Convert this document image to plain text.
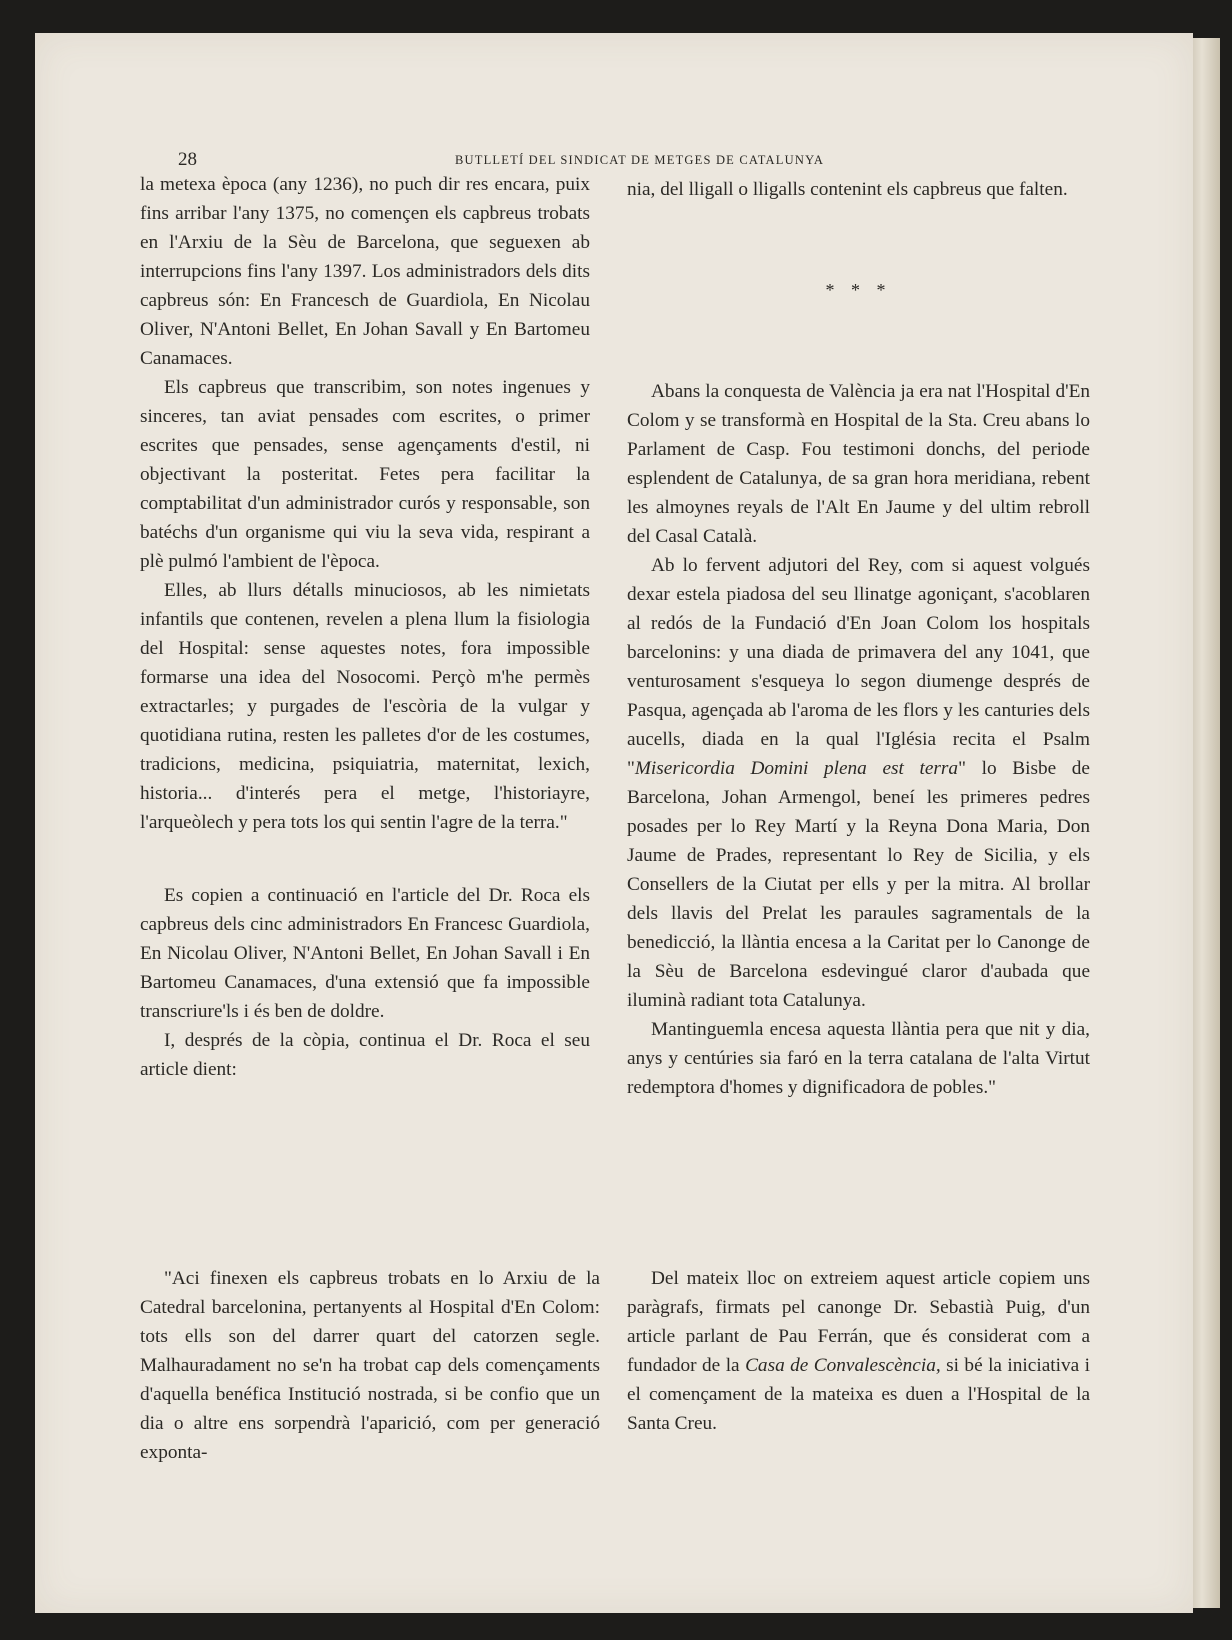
28	BUTLLETÍ DEL SINDICAT DE METGES DE CATALUNYA

la metexa època (any 1236), no puch dir res encara, puix fins arribar l'any 1375, no començen els capbreus trobats en l'Arxiu de la Sèu de Barcelona, que seguexen ab interrupcions fins l'any 1397. Los administradors dels dits capbreus són: En Francesch de Guardiola, En Nicolau Oliver, N'Antoni Bellet, En Johan Savall y En Bartomeu Canamaces.

Els capbreus que transcribim, son notes ingenues y sinceres, tan aviat pensades com escrites, o primer escrites que pensades, sense agençaments d'estil, ni objectivant la posteritat. Fetes pera facilitar la comptabilitat d'un administrador curós y responsable, son batéchs d'un organisme qui viu la seva vida, respirant a plè pulmó l'ambient de l'època.

Elles, ab llurs détalls minuciosos, ab les nimietats infantils que contenen, revelen a plena llum la fisiologia del Hospital: sense aquestes notes, fora impossible formarse una idea del Nosocomi. Perçò m'he permès extractarles; y purgades de l'escòria de la vulgar y quotidiana rutina, resten les palletes d'or de les costumes, tradicions, medicina, psiquiatria, maternitat, lexich, historia... d'interés pera el metge, l'historiayre, l'arqueòlech y pera tots los qui sentin l'agre de la terra."

Es copien a continuació en l'article del Dr. Roca els capbreus dels cinc administradors En Francesc Guardiola, En Nicolau Oliver, N'Antoni Bellet, En Johan Savall i En Bartomeu Canamaces, d'una extensió que fa impossible transcriure'ls i és ben de doldre.

I, després de la còpia, continua el Dr. Roca el seu article dient:

nia, del lligall o lligalls contenint els capbreus que falten.

* * *

Abans la conquesta de València ja era nat l'Hospital d'En Colom y se transformà en Hospital de la Sta. Creu abans lo Parlament de Casp. Fou testimoni donchs, del periode esplendent de Catalunya, de sa gran hora meridiana, rebent les almoynes reyals de l'Alt En Jaume y del ultim rebroll del Casal Català.

Ab lo fervent adjutori del Rey, com si aquest volgués dexar estela piadosa del seu llinatge agoniçant, s'acoblaren al redós de la Fundació d'En Joan Colom los hospitals barcelonins: y una diada de primavera del any 1041, que venturosament s'esqueya lo segon diumenge després de Pasqua, agençada ab l'aroma de les flors y les canturies dels aucells, diada en la qual l'Iglésia recita el Psalm "Misericordia Domini plena est terra" lo Bisbe de Barcelona, Johan Armengol, beneí les primeres pedres posades per lo Rey Martí y la Reyna Dona Maria, Don Jaume de Prades, representant lo Rey de Sicilia, y els Consellers de la Ciutat per ells y per la mitra. Al brollar dels llavis del Prelat les paraules sagramentals de la benedicció, la llàntia encesa a la Caritat per lo Canonge de la Sèu de Barcelona esdevingué claror d'aubada que iluminà radiant tota Catalunya.

Mantinguemla encesa aquesta llàntia pera que nit y dia, anys y centúries sia faró en la terra catalana de l'alta Virtut redemptora d'homes y dignificadora de pobles."

"Aci finexen els capbreus trobats en lo Arxiu de la Catedral barcelonina, pertanyents al Hospital d'En Colom: tots ells son del darrer quart del catorzen segle. Malhauradament no se'n ha trobat cap dels començaments d'aquella benéfica Institució nostrada, si be confio que un dia o altre ens sorpendrà l'aparició, com per generació exponta-

Del mateix lloc on extreiem aquest article copiem uns paràgrafs, firmats pel canonge Dr. Sebastià Puig, d'un article parlant de Pau Ferrán, que és considerat com a fundador de la Casa de Convalescència, si bé la iniciativa i el començament de la mateixa es duen a l'Hospital de la Santa Creu.
